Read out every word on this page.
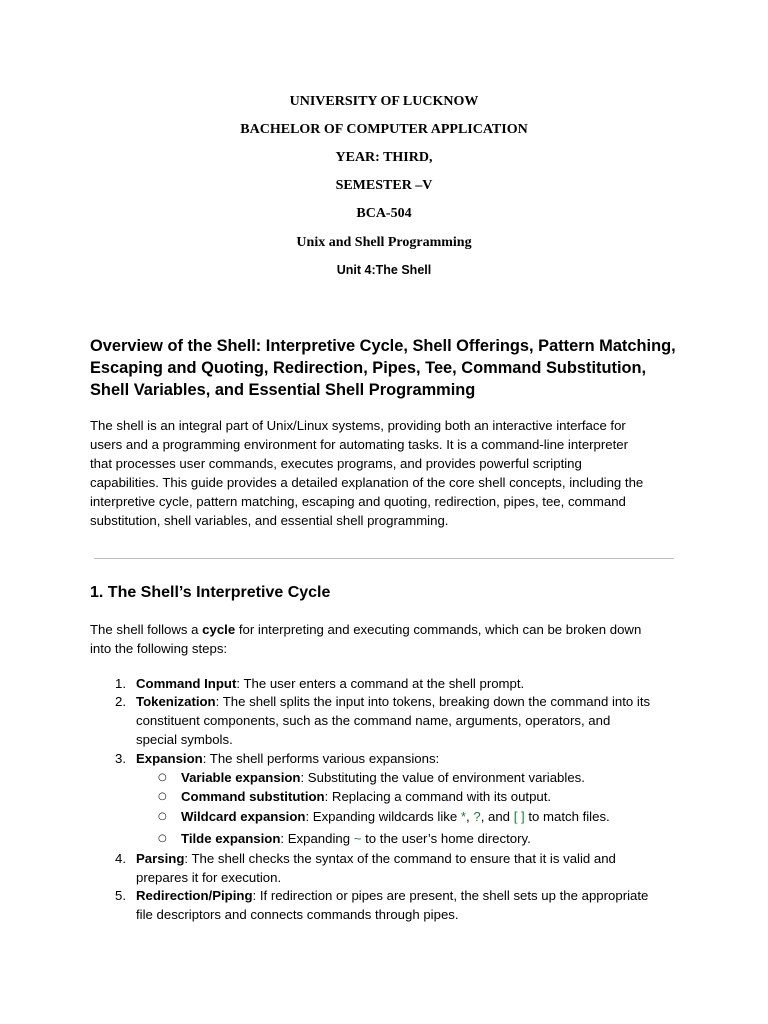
UNIVERSITY OF LUCKNOW
BACHELOR OF COMPUTER APPLICATION
YEAR: THIRD,
SEMESTER –V
BCA-504
Unix and Shell Programming
Unit 4:The Shell
Overview of the Shell: Interpretive Cycle, Shell Offerings, Pattern Matching,
Escaping and Quoting, Redirection, Pipes, Tee, Command Substitution,
Shell Variables, and Essential Shell Programming

The shell is an integral part of Unix/Linux systems, providing both an interactive interface for
users and a programming environment for automating tasks. It is a command-line interpreter
that processes user commands, executes programs, and provides powerful scripting
capabilities. This guide provides a detailed explanation of the core shell concepts, including the
interpretive cycle, pattern matching, escaping and quoting, redirection, pipes, tee, command
substitution, shell variables, and essential shell programming.

1. The Shell’s Interpretive Cycle

The shell follows a cycle for interpreting and executing commands, which can be broken down
into the following steps:

1. Command Input: The user enters a command at the shell prompt.
2. Tokenization: The shell splits the input into tokens, breaking down the command into its
constituent components, such as the command name, arguments, operators, and
special symbols.
3. Expansion: The shell performs various expansions:
○ Variable expansion: Substituting the value of environment variables.
○ Command substitution: Replacing a command with its output.
○ Wildcard expansion: Expanding wildcards like *, ?, and [ ] to match files.
○ Tilde expansion: Expanding ~ to the user’s home directory.
4. Parsing: The shell checks the syntax of the command to ensure that it is valid and
prepares it for execution.
5. Redirection/Piping: If redirection or pipes are present, the shell sets up the appropriate
file descriptors and connects commands through pipes.
